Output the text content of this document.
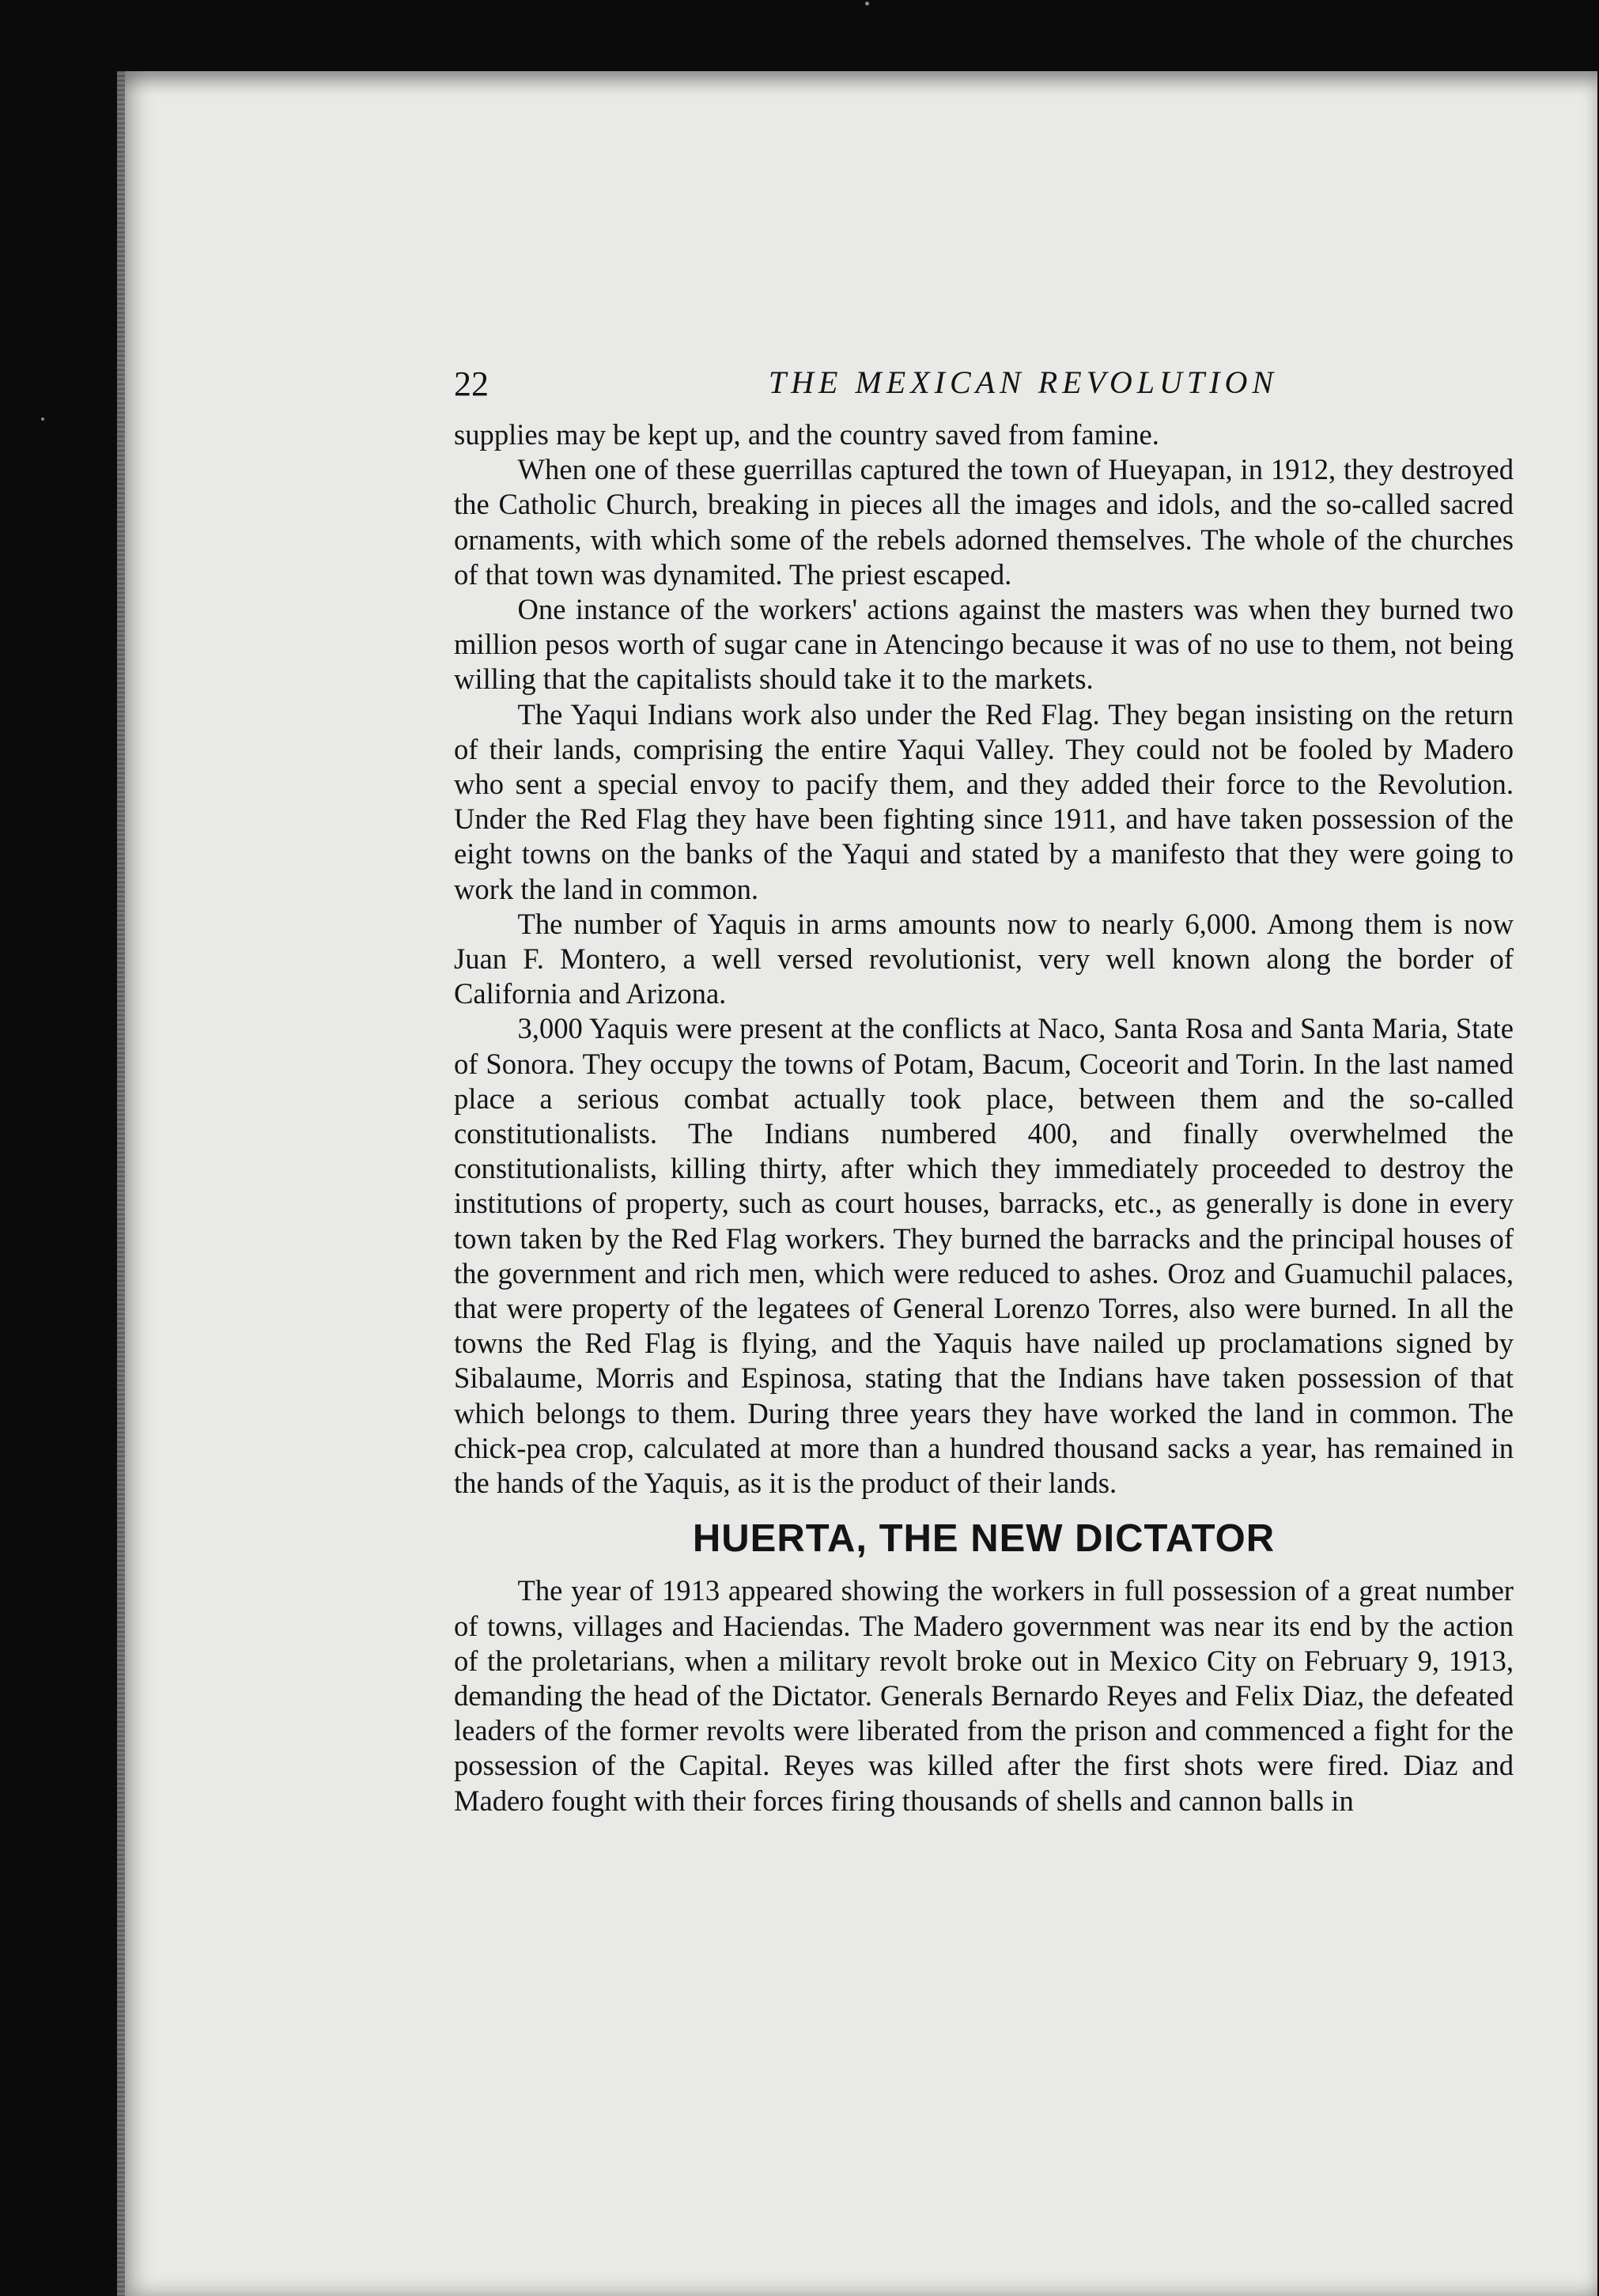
22	THE MEXICAN REVOLUTION

supplies may be kept up, and the country saved from famine.

When one of these guerrillas captured the town of Hueyapan, in 1912, they destroyed the Catholic Church, breaking in pieces all the images and idols, and the so-called sacred ornaments, with which some of the rebels adorned themselves. The whole of the churches of that town was dynamited. The priest escaped.

One instance of the workers' actions against the masters was when they burned two million pesos worth of sugar cane in Atencingo because it was of no use to them, not being willing that the capitalists should take it to the markets.

The Yaqui Indians work also under the Red Flag. They began insisting on the return of their lands, comprising the entire Yaqui Valley. They could not be fooled by Madero who sent a special envoy to pacify them, and they added their force to the Revolution. Under the Red Flag they have been fighting since 1911, and have taken possession of the eight towns on the banks of the Yaqui and stated by a manifesto that they were going to work the land in common.

The number of Yaquis in arms amounts now to nearly 6,000. Among them is now Juan F. Montero, a well versed revolutionist, very well known along the border of California and Arizona.

3,000 Yaquis were present at the conflicts at Naco, Santa Rosa and Santa Maria, State of Sonora. They occupy the towns of Potam, Bacum, Coceorit and Torin. In the last named place a serious combat actually took place, between them and the so-called constitutionalists. The Indians numbered 400, and finally overwhelmed the constitutionalists, killing thirty, after which they immediately proceeded to destroy the institutions of property, such as court houses, barracks, etc., as generally is done in every town taken by the Red Flag workers. They burned the barracks and the principal houses of the government and rich men, which were reduced to ashes. Oroz and Guamuchil palaces, that were property of the legatees of General Lorenzo Torres, also were burned. In all the towns the Red Flag is flying, and the Yaquis have nailed up proclamations signed by Sibalaume, Morris and Espinosa, stating that the Indians have taken possession of that which belongs to them. During three years they have worked the land in common. The chick-pea crop, calculated at more than a hundred thousand sacks a year, has remained in the hands of the Yaquis, as it is the product of their lands.

HUERTA, THE NEW DICTATOR

The year of 1913 appeared showing the workers in full possession of a great number of towns, villages and Haciendas. The Madero government was near its end by the action of the proletarians, when a military revolt broke out in Mexico City on February 9, 1913, demanding the head of the Dictator. Generals Bernardo Reyes and Felix Diaz, the defeated leaders of the former revolts were liberated from the prison and commenced a fight for the possession of the Capital. Reyes was killed after the first shots were fired. Diaz and Madero fought with their forces firing thousands of shells and cannon balls in
